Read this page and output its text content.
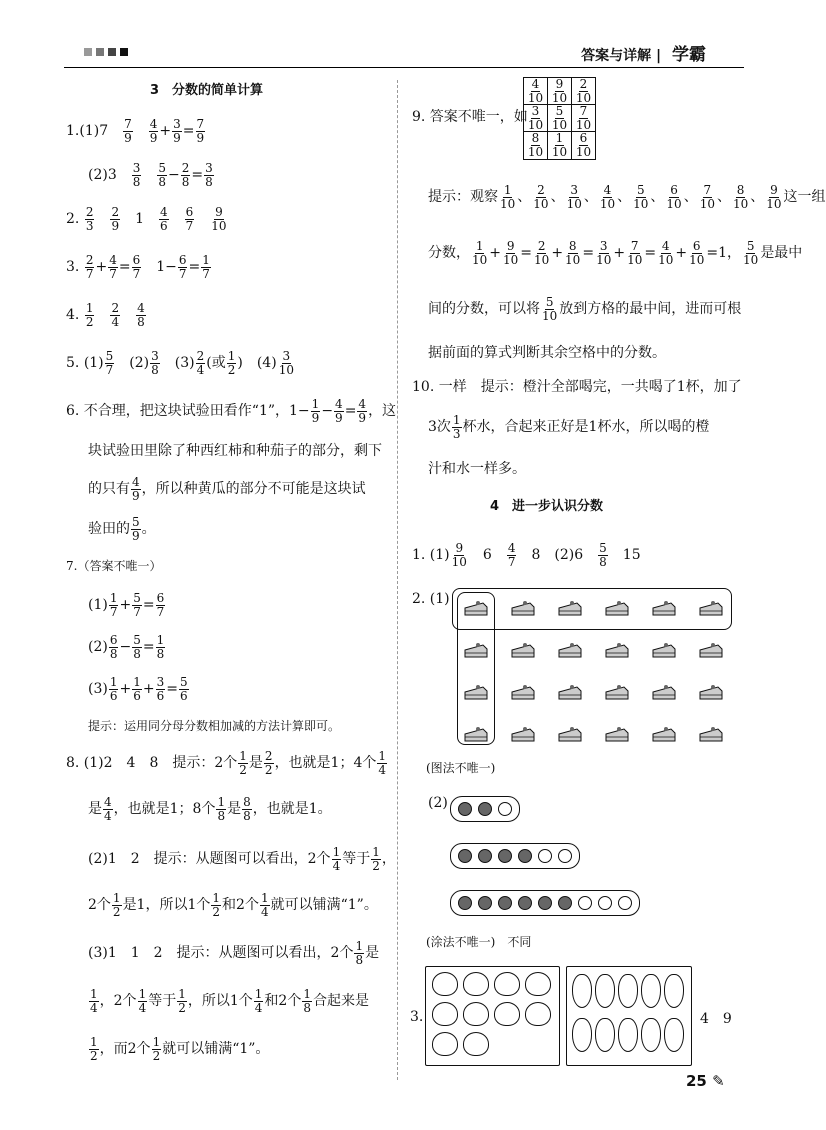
答案与详解 | 学霸
3　分数的简单计算
1.(1)7　 $\frac{7}{9}$
　 $\frac{4}{9} + \frac{3}{9} = \frac{7}{9}$
(2)3　 $\frac{3}{8}$
　 $\frac{5}{8} - \frac{2}{8} = \frac{3}{8}$
2. $\frac{2}{3}$
　 $\frac{2}{9}$ 　1　 $\frac{4}{6}$
　 $\frac{6}{7}$
　 $\frac{9}{10}$
3. $\frac{2}{7} + \frac{4}{7} = \frac{6}{7}$ 　$1- \frac{6}{7} = \frac{1}{7}$
4. $\frac{1}{2}$
　 $\frac{2}{4}$
　 $\frac{4}{8}$
5. $(1) \frac{5}{7}$
　 $(2) \frac{3}{8}$
　 $(3) \frac{2}{4}$ (或 $\frac{1}{2}$ )　$(4) \frac{3}{10}$
6. 不合理，把这块试验田看作“1”，$1- \frac{1}{9} - \frac{4}{9} = \frac{4}{9}$ ，这
块试验田里除了种西红柿和种茄子的部分，剩下
的只有 $\frac{4}{9}$ ，所以种黄瓜的部分不可能是这块试
验田的 $\frac{5}{9}$ 。
7.（答案不唯一）
$(1) \frac{1}{7} + \frac{5}{7} = \frac{6}{7}$
$(2) \frac{6}{8} - \frac{5}{8} = \frac{1}{8}$
$(3) \frac{1}{6} + \frac{1}{6} + \frac{3}{6} = \frac{5}{6}$
提示：运用同分母分数相加减的方法计算即可。
8. (1)2　4　8　提示：2个 $\frac{1}{2}$ 是 $\frac{2}{2}$ ，也就是1；4个 $\frac{1}{4}$
是 $\frac{4}{4}$ ，也就是1；8个 $\frac{1}{8}$ 是 $\frac{8}{8}$ ，也就是1。
(2)1　2　提示：从题图可以看出，2个 $\frac{1}{4}$ 等于 $\frac{1}{2}$ ，
2个 $\frac{1}{2}$ 是1，所以1个 $\frac{1}{2}$ 和2个 $\frac{1}{4}$ 就可以铺满“1”。
(3)1　1　2　提示：从题图可以看出，2个 $\frac{1}{8}$ 是
$\frac{1}{4}$ ，2个 $\frac{1}{4}$ 等于 $\frac{1}{2}$ ，所以1个 $\frac{1}{4}$ 和2个 $\frac{1}{8}$ 合起来是
$\frac{1}{2}$ ，而2个 $\frac{1}{2}$ 就可以铺满“1”。
9. 答案不唯一，如
$\frac{4}{10}$	$\frac{9}{10}$	$\frac{2}{10}$

$\frac{3}{10}$	$\frac{5}{10}$	$\frac{7}{10}$

$\frac{8}{10}$	$\frac{1}{10}$	$\frac{6}{10}$
提示：观察 $\frac{1}{10}$ 、 $\frac{2}{10}$ 、 $\frac{3}{10}$ 、 $\frac{4}{10}$ 、 $\frac{5}{10}$ 、 $\frac{6}{10}$ 、 $\frac{7}{10}$ 、 $\frac{8}{10}$ 、 $\frac{9}{10}$ 这一组
分数， $\frac{1}{10} + \frac{9}{10} = \frac{2}{10} + \frac{8}{10} = \frac{3}{10} + \frac{7}{10} = \frac{4}{10} + \frac{6}{10} =1$， $\frac{5}{10}$ 是最中
间的分数，可以将 $\frac{5}{10}$ 放到方格的最中间，进而可根
据前面的算式判断其余空格中的分数。
10. 一样　提示：橙汁全部喝完，一共喝了1杯，加了
3次 $\frac{1}{3}$ 杯水，合起来正好是1杯水，所以喝的橙
汁和水一样多。
4　进一步认识分数
1. $(1) \frac{9}{10}$
　 6　 $\frac{4}{7}$
　 8　(2)6　 $\frac{5}{8}$
　 15
2. (1)
(图法不唯一)
(2)
(涂法不唯一)　不同
3.	4　9
25 ✎
